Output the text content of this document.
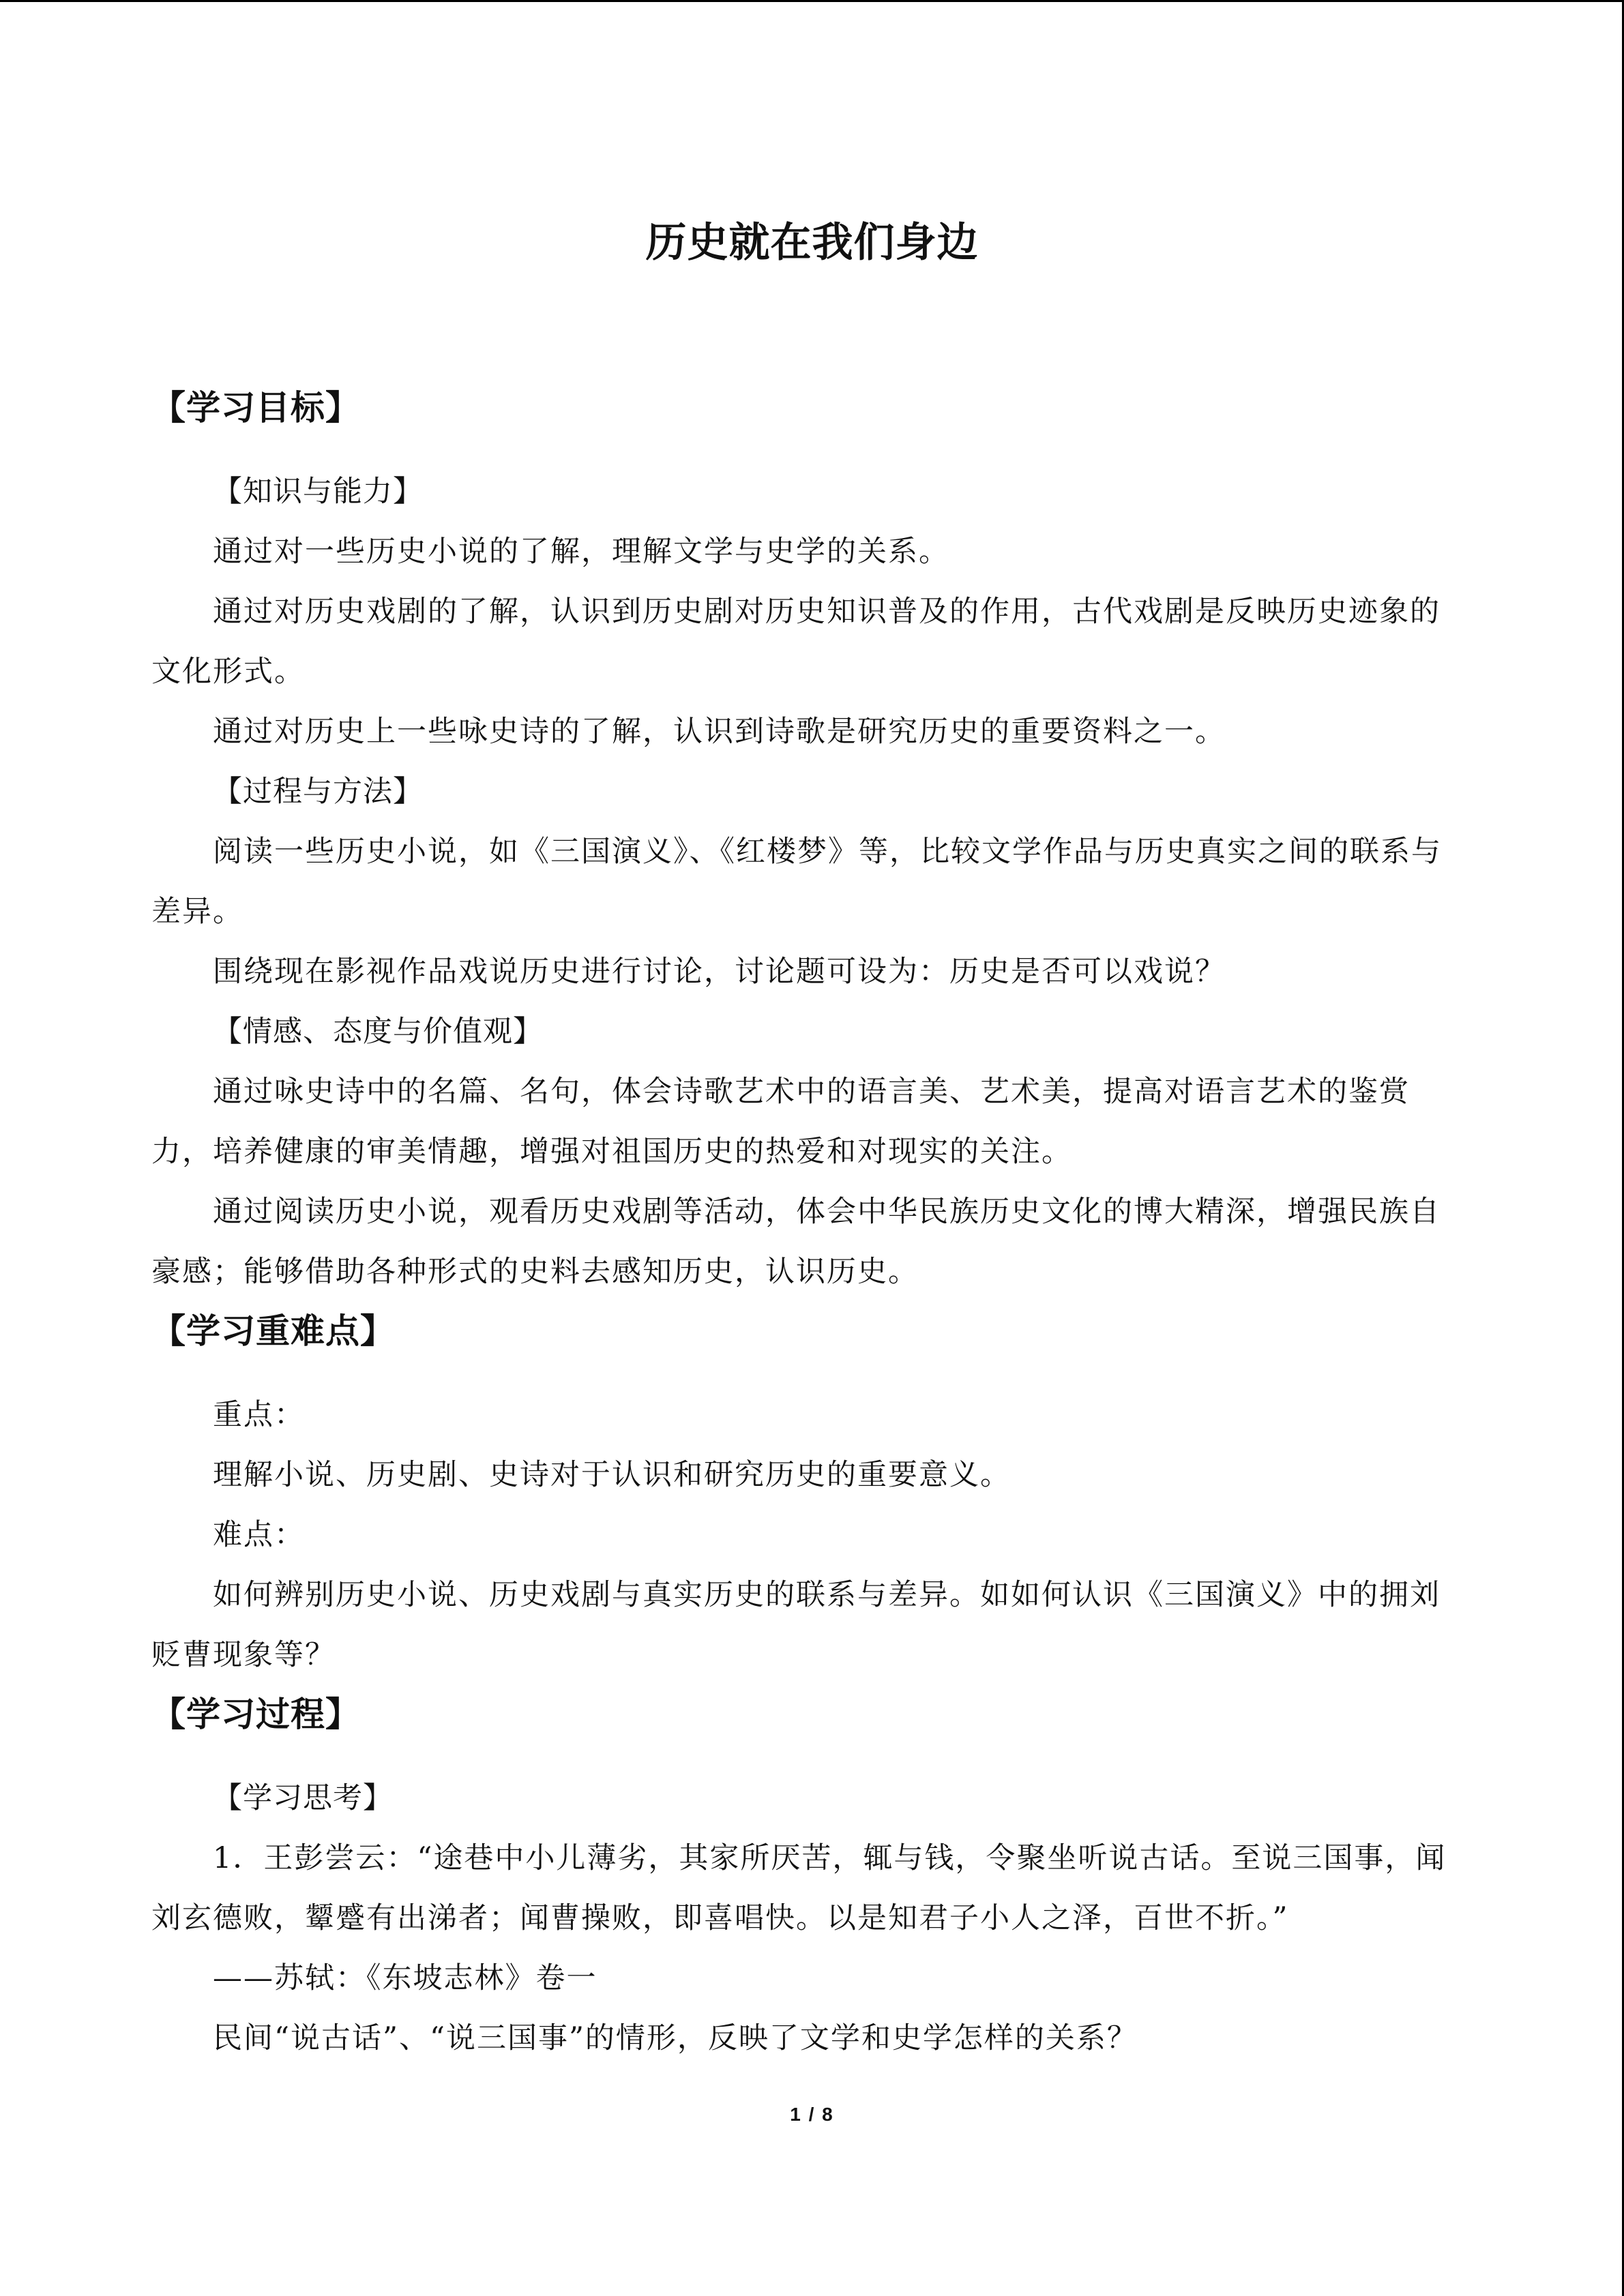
历史就在我们身边
【学习目标】

【知识与能力】

通过对一些历史小说的了解，理解文学与史学的关系。

通过对历史戏剧的了解，认识到历史剧对历史知识普及的作用，古代戏剧是反映历史迹象的文化形式。

通过对历史上一些咏史诗的了解，认识到诗歌是研究历史的重要资料之一。

【过程与方法】

阅读一些历史小说，如《三国演义》、《红楼梦》等，比较文学作品与历史真实之间的联系与差异。

围绕现在影视作品戏说历史进行讨论，讨论题可设为：历史是否可以戏说？

【情感、态度与价值观】

通过咏史诗中的名篇、名句，体会诗歌艺术中的语言美、艺术美，提高对语言艺术的鉴赏力，培养健康的审美情趣，增强对祖国历史的热爱和对现实的关注。

通过阅读历史小说，观看历史戏剧等活动，体会中华民族历史文化的博大精深，增强民族自豪感；能够借助各种形式的史料去感知历史，认识历史。

【学习重难点】

重点：

理解小说、历史剧、史诗对于认识和研究历史的重要意义。

难点：

如何辨别历史小说、历史戏剧与真实历史的联系与差异。如如何认识《三国演义》中的拥刘贬曹现象等？

【学习过程】

【学习思考】

1．王彭尝云：“途巷中小儿薄劣，其家所厌苦，辄与钱，令聚坐听说古话。至说三国事，闻刘玄德败，颦蹙有出涕者；闻曹操败，即喜唱快。以是知君子小人之泽，百世不折。”

——苏轼：《东坡志林》卷一

民间“说古话”、“说三国事”的情形，反映了文学和史学怎样的关系？

1 / 8
